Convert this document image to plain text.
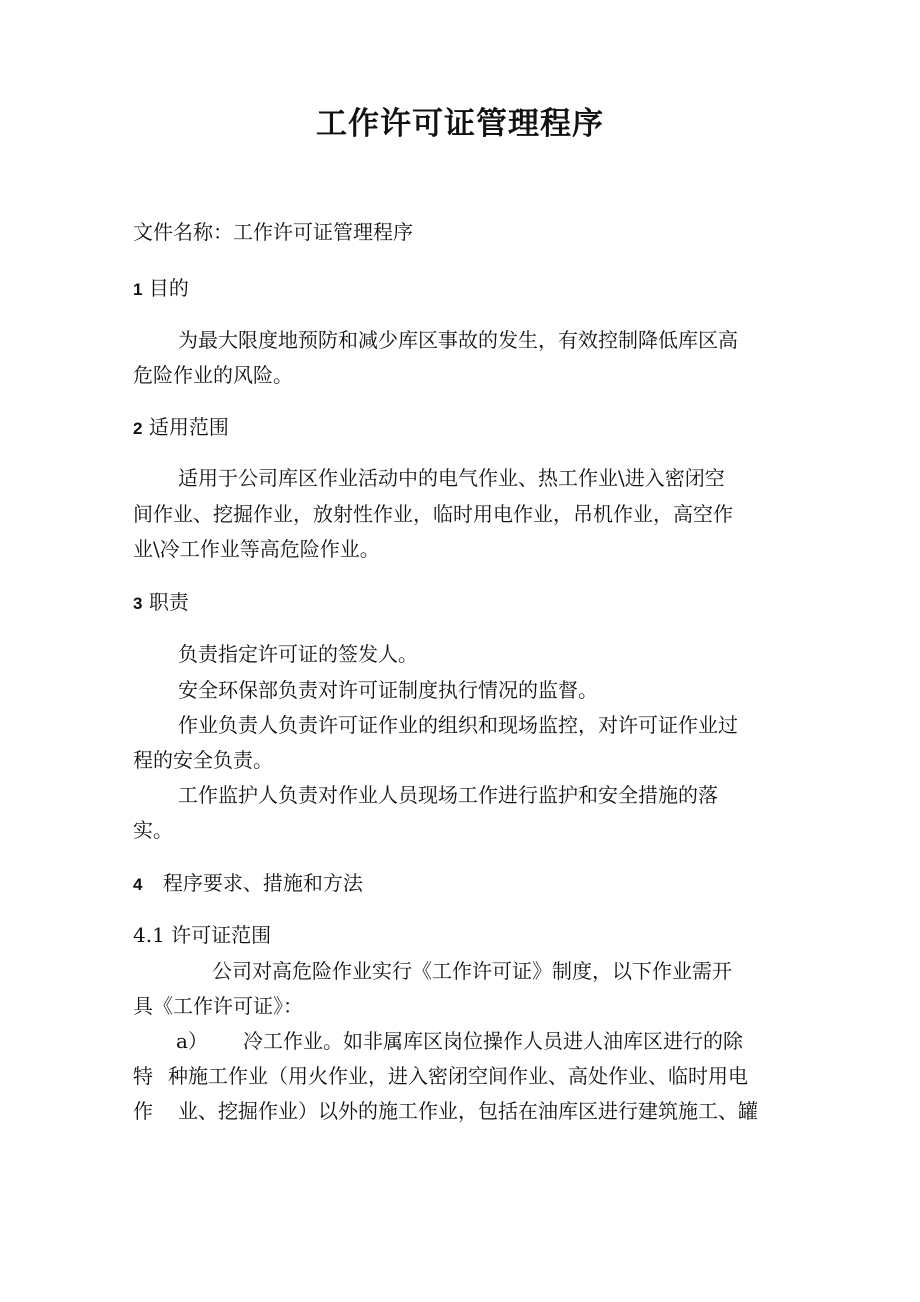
工作许可证管理程序
文件名称：工作许可证管理程序
1 目的
为最大限度地预防和减少库区事故的发生，有效控制降低库区高
危险作业的风险。
2 适用范围
适用于公司库区作业活动中的电气作业、热工作业\进入密闭空
间作业、挖掘作业，放射性作业，临时用电作业，吊机作业，高空作
业\冷工作业等高危险作业。
3 职责
负责指定许可证的签发人。
安全环保部负责对许可证制度执行情况的监督。
作业负责人负责许可证作业的组织和现场监控，对许可证作业过
程的安全负责。
工作监护人负责对作业人员现场工作进行监护和安全措施的落
实。
4 程序要求、措施和方法
4.1 许可证范围
公司对高危险作业实行《工作许可证》制度，以下作业需开
具《工作许可证》：
a） 冷工作业。如非属库区岗位操作人员进人油库区进行的除
特 种施工作业（用火作业，进入密闭空间作业、高处作业、临时用电
作 业、挖掘作业）以外的施工作业，包括在油库区进行建筑施工、罐
